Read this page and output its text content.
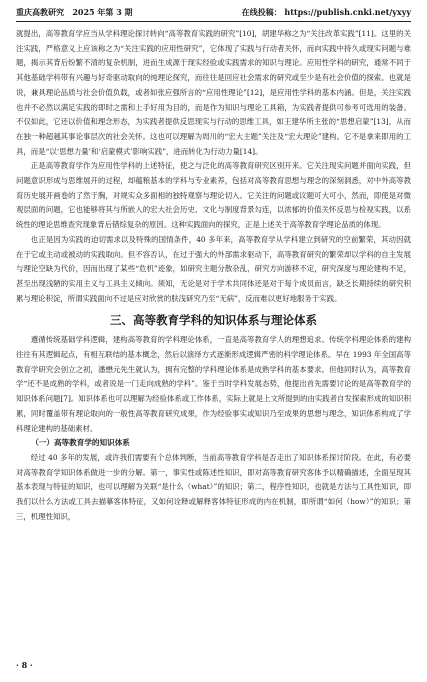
重庆高教研究 2025 年第 3 期	在线投稿： https://publish.cnki.net/yxyy

就提出，高等教育学应当从学科理论探讨转向“高等教育实践的研究”[10]，胡建华称之为“关注改革实践”[11]。这里的关注实践，严格意义上应该称之为“关注实践的应用性研究”，它体现了实践与行动者关怀，而向实践中持久或现实问题与难题，揭示其背后纷繁不清的复杂机制，进而生成源于现实经验或实践需求的知识与理论。应用性学科的研究，通常不同于其他基础学科带有兴趣与好奇驱动取向的纯理论探究，而往往是回应社会需求的研究或至少是有社会价值的探索。也就是说，兼具理论品质与社会价值负载，或者如张应强所言的“应用性理论”[12]，是应用性学科的基本内涵。但是，关注实践也并不必然以满足实践的即时之需和上手好用为目的，而是作为知识与理论工具箱，为实践者提供可参考可选用的装备。不仅如此，它还以价值和理念形态，为实践者提供反思现实与行动的思维工具，如王建华所主张的“思想启蒙”[13]，从而在独一种超越其事论事层次的社会关怀。这也可以理解为周川的“宏大主题”关注及“宏大理论”建构。它不是拿来即用的工具，而是“以‘思想力量’和‘启蒙模式’影响实践”，进而转化为行动力量[14]。

正是高等教育学作为应用性学科的上述特征，使之与泛化的高等教育研究区别开来。它关注现实问题并面向实践，但问题意识形成与思维展开的过程，却蕴粮基本的学科与专业素养，包括对高等教育思想与理念的深刻洞悉，对中外高等教育历史展开画卷的了然于胸，对规实众多面相的独特观察与理论切入。它关注的问题或议题可大可小，然而，即使是对微观层面的问题，它也能够将其与所嵌入的宏大社会历史、文化与制度背景勾连，以浓郁的价值关怀反思与检视实践，以系统性的理论思维查究现象背后错综复杂的原因。这种实践面向的探究，正是上述关于高等教育学理论品质的体现。

也正是因为实践的迫切需求以及特殊的国情条件，40 多年来，高等教育学从学科建立到研究的空前繁荣，其动因就在于它或主动或被动的实践取向。但不容否认，在过于强大的外部需求驱动下，高等教育研究的繁荣却以学科的自主发展与理论空缺为代价，因而出现了某些“危机”迹象，如研究主题分散杂乱，研究方向游移不定，研究深度与理论建构不足，甚至出现浅陋的实用主义与工具主义倾向。须知，无论是对于学术共同体还是对于每个成员而言，缺乏长期持续的研究积累与理论积淀，所谓实践面向不过是应对欣赏的肤浅研究乃至“无病”，反而难以更好地服务于实践。

三、高等教育学科的知识体系与理论体系

遵循传统基础学科逻辑，建构高等教育的学科理论体系，一直是高等教育学人的理想追求。传统学科理论体系的建构往往有其逻辑起点，有相互联结的基本概念，然后以演绎方式逐渐形成逻辑严密的科学理论体系。早在 1993 年全国高等教育学研究会创立之初，潘懋元先生就认为，拥有完整的学科理论体系是成熟学科的基本要求。但他同时认为，高等教育学“还不是成熟的学科，或者说是一门走向成熟的学科”。鉴于当时学科发展态势，他提出首先需要讨论的是高等教育学的知识体系问题[7]。知识体系也可以理解为经验体系或工作体系，实际上就是上文所提到的由实践者自发探索形成的知识积累，同时覆盖带有理论取向的一般性高等教育研究成果，作为经验事实或知识乃至成果的思想与理念，知识体系构成了学科理论建构的基础素材。

（一）高等教育学的知识体系

经过 40 多年的发展，或许我们需要有个总体判断，当前高等教育学科是否走出了知识体系探讨阶段。在此，有必要对高等教育学知识体系做进一步的分解。第一，事实性或陈述性知识，即对高等教育研究客体予以精确描述，全面呈现其基本表现与特征的知识，也可以理解为关联“是什么（what）”的知识；第二，程序性知识，也就是方法与工具性知识，即我们以什么方法或工具去描摹客体特征，又如何诠释或解释客体特征形成的内在机制，即所谓“如何（how）”的知识；第三，机理性知识，

· 8 ·
